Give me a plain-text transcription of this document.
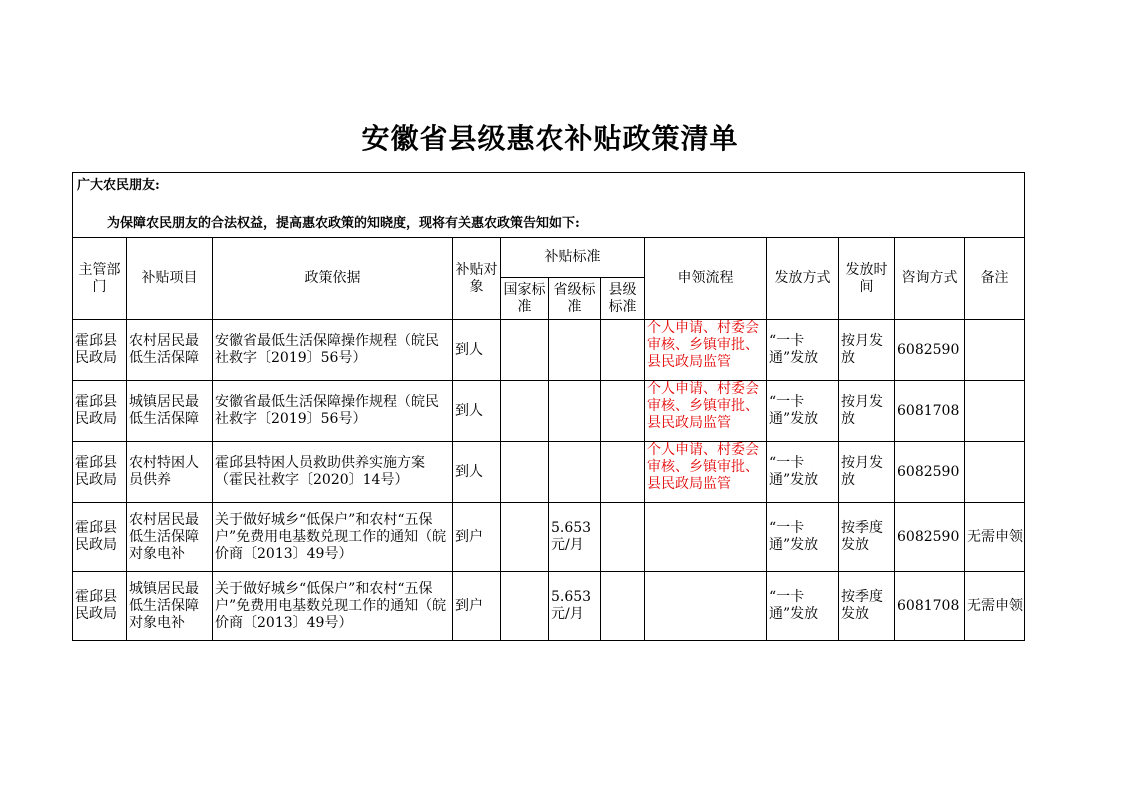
安徽省县级惠农补贴政策清单
广大农民朋友:
为保障农民朋友的合法权益，提高惠农政策的知晓度，现将有关惠农政策告知如下:											

主管部门	补贴项目	政策依据	补贴对象	补贴标准			申领流程	发放方式	发放时间	咨询方式	备注
				国家标准	省级标准	县级标准					
霍邱县民政局	农村居民最低生活保障	安徽省最低生活保障操作规程（皖民社救字〔2019〕56号）	到人				个人申请、村委会审核、乡镇审批、县民政局监管	“一卡通”发放	按月发放	6082590	
霍邱县民政局	城镇居民最低生活保障	安徽省最低生活保障操作规程（皖民社救字〔2019〕56号）	到人				个人申请、村委会审核、乡镇审批、县民政局监管	“一卡通”发放	按月发放	6081708	
霍邱县民政局	农村特困人员供养	霍邱县特困人员救助供养实施方案（霍民社救字〔2020〕14号）	到人				个人申请、村委会审核、乡镇审批、县民政局监管	“一卡通”发放	按月发放	6082590	
霍邱县民政局	农村居民最低生活保障对象电补	关于做好城乡“低保户”和农村“五保户”免费用电基数兑现工作的通知（皖价商〔2013〕49号）	到户		5.653元/月			“一卡通”发放	按季度发放	6082590	无需申领
霍邱县民政局	城镇居民最低生活保障对象电补	关于做好城乡“低保户”和农村“五保户”免费用电基数兑现工作的通知（皖价商〔2013〕49号）	到户		5.653元/月			“一卡通”发放	按季度发放	6081708	无需申领
